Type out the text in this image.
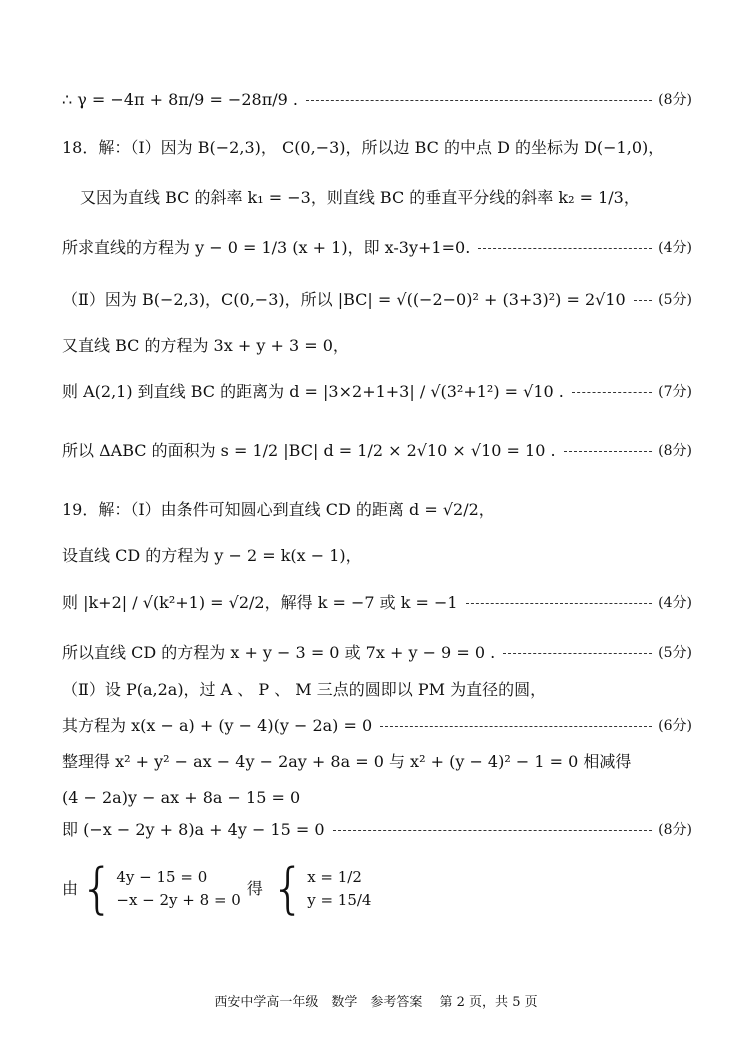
∴ γ = −4π + 8π/9 = −28π/9 .	(8分)
18．解：（Ⅰ）因为 B(−2,3)， C(0,−3)，所以边 BC 的中点 D 的坐标为 D(−1,0)，
又因为直线 BC 的斜率 k₁ = −3，则直线 BC 的垂直平分线的斜率 k₂ = 1/3，
所求直线的方程为 y − 0 = 1/3 (x + 1)，即 x-3y+1=0.	(4分)
（Ⅱ）因为 B(−2,3)，C(0,−3)，所以 |BC| = √((−2−0)² + (3+3)²) = 2√10 (5分)
又直线 BC 的方程为 3x + y + 3 = 0，
则 A(2,1) 到直线 BC 的距离为 d = |3×2+1+3| / √(3²+1²) = √10 .	(7分)
所以 ΔABC 的面积为 s = 1/2 |BC| d = 1/2 × 2√10 × √10 = 10 .	(8分)
19．解：（Ⅰ）由条件可知圆心到直线 CD 的距离 d = √2/2，
设直线 CD 的方程为 y − 2 = k(x − 1)，
则 |k+2| / √(k²+1) = √2/2，解得 k = −7 或 k = −1	(4分)
所以直线 CD 的方程为 x + y − 3 = 0 或 7x + y − 9 = 0 .	(5分)
（Ⅱ）设 P(a,2a)，过 A 、 P 、 M 三点的圆即以 PM 为直径的圆，
其方程为 x(x − a) + (y − 4)(y − 2a) = 0	(6分)
整理得 x² + y² − ax − 4y − 2ay + 8a = 0 与 x² + (y − 4)² − 1 = 0 相减得
(4 − 2a)y − ax + 8a − 15 = 0
即 (−x − 2y + 8)a + 4y − 15 = 0	(8分)
由 { 4y − 15 = 0
−x − 2y + 8 = 0
得 { x = 1/2
y = 15/4
西安中学高一年级　数学　参考答案　 第 2 页，共 5 页
